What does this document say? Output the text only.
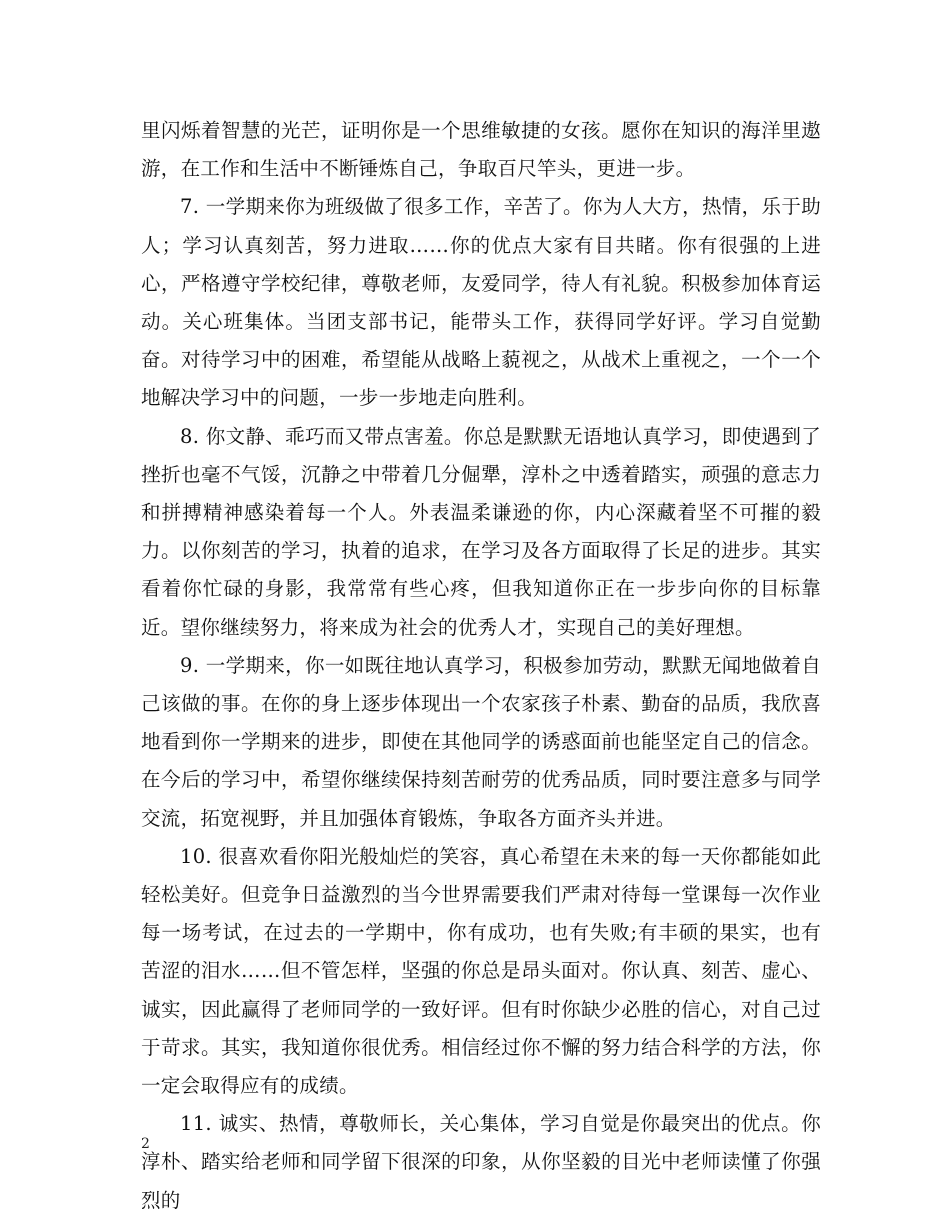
里闪烁着智慧的光芒，证明你是一个思维敏捷的女孩。愿你在知识的海洋里遨游，在工作和生活中不断锤炼自己，争取百尺竿头，更进一步。

7. 一学期来你为班级做了很多工作，辛苦了。你为人大方，热情，乐于助人；学习认真刻苦，努力进取……你的优点大家有目共睹。你有很强的上进心，严格遵守学校纪律，尊敬老师，友爱同学，待人有礼貌。积极参加体育运动。关心班集体。当团支部书记，能带头工作，获得同学好评。学习自觉勤奋。对待学习中的困难，希望能从战略上藐视之，从战术上重视之，一个一个地解决学习中的问题，一步一步地走向胜利。

8. 你文静、乖巧而又带点害羞。你总是默默无语地认真学习，即使遇到了挫折也毫不气馁，沉静之中带着几分倔犟，淳朴之中透着踏实，顽强的意志力和拼搏精神感染着每一个人。外表温柔谦逊的你，内心深藏着坚不可摧的毅力。以你刻苦的学习，执着的追求，在学习及各方面取得了长足的进步。其实看着你忙碌的身影，我常常有些心疼，但我知道你正在一步步向你的目标靠近。望你继续努力，将来成为社会的优秀人才，实现自己的美好理想。

9. 一学期来，你一如既往地认真学习，积极参加劳动，默默无闻地做着自己该做的事。在你的身上逐步体现出一个农家孩子朴素、勤奋的品质，我欣喜地看到你一学期来的进步，即使在其他同学的诱惑面前也能坚定自己的信念。在今后的学习中，希望你继续保持刻苦耐劳的优秀品质，同时要注意多与同学交流，拓宽视野，并且加强体育锻炼，争取各方面齐头并进。

10. 很喜欢看你阳光般灿烂的笑容，真心希望在未来的每一天你都能如此轻松美好。但竞争日益激烈的当今世界需要我们严肃对待每一堂课每一次作业每一场考试，在过去的一学期中，你有成功，也有失败;有丰硕的果实，也有苦涩的泪水……但不管怎样，坚强的你总是昂头面对。你认真、刻苦、虚心、诚实，因此赢得了老师同学的一致好评。但有时你缺少必胜的信心，对自己过于苛求。其实，我知道你很优秀。相信经过你不懈的努力结合科学的方法，你一定会取得应有的成绩。

11. 诚实、热情，尊敬师长，关心集体，学习自觉是你最突出的优点。你淳朴、踏实给老师和同学留下很深的印象，从你坚毅的目光中老师读懂了你强烈的

2
